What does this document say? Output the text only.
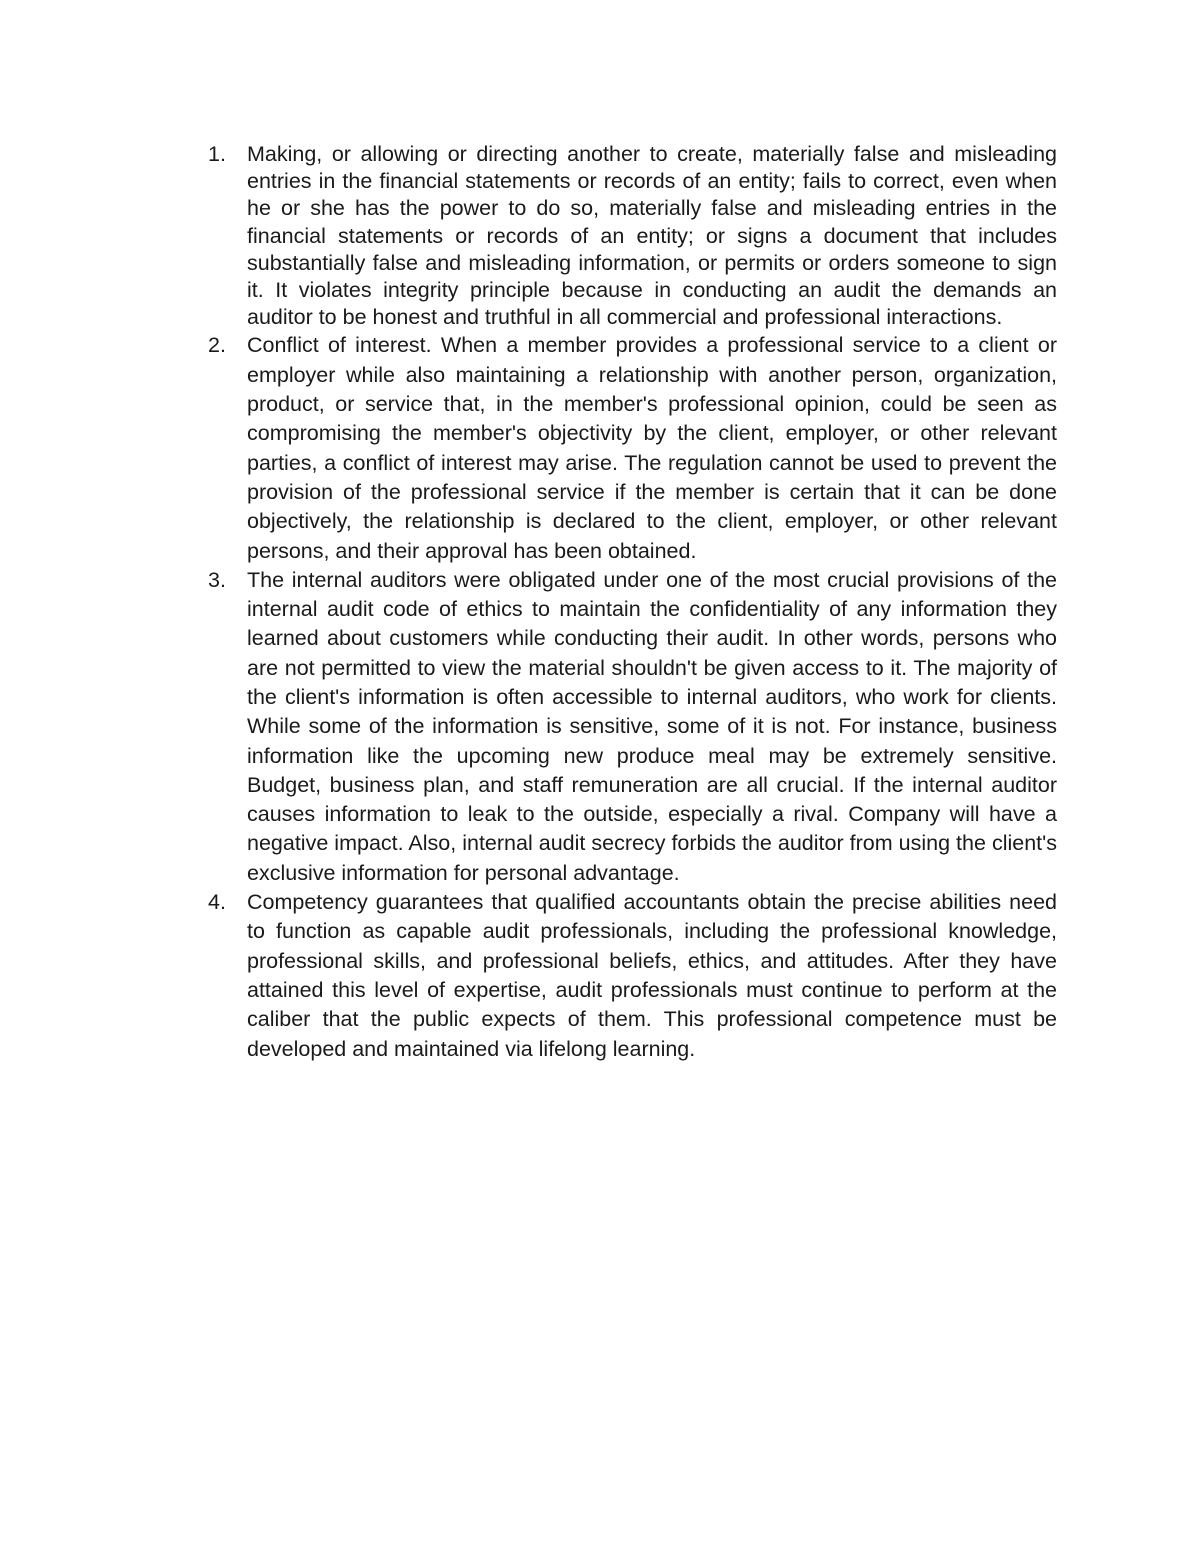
1. Making, or allowing or directing another to create, materially false and misleading entries in the financial statements or records of an entity; fails to correct, even when he or she has the power to do so, materially false and misleading entries in the financial statements or records of an entity; or signs a document that includes substantially false and misleading information, or permits or orders someone to sign it. It violates integrity principle because in conducting an audit the demands an auditor to be honest and truthful in all commercial and professional interactions.
2. Conflict of interest. When a member provides a professional service to a client or employer while also maintaining a relationship with another person, organization, product, or service that, in the member's professional opinion, could be seen as compromising the member's objectivity by the client, employer, or other relevant parties, a conflict of interest may arise. The regulation cannot be used to prevent the provision of the professional service if the member is certain that it can be done objectively, the relationship is declared to the client, employer, or other relevant persons, and their approval has been obtained.
3. The internal auditors were obligated under one of the most crucial provisions of the internal audit code of ethics to maintain the confidentiality of any information they learned about customers while conducting their audit. In other words, persons who are not permitted to view the material shouldn't be given access to it. The majority of the client's information is often accessible to internal auditors, who work for clients. While some of the information is sensitive, some of it is not. For instance, business information like the upcoming new produce meal may be extremely sensitive. Budget, business plan, and staff remuneration are all crucial. If the internal auditor causes information to leak to the outside, especially a rival. Company will have a negative impact. Also, internal audit secrecy forbids the auditor from using the client's exclusive information for personal advantage.
4. Competency guarantees that qualified accountants obtain the precise abilities need to function as capable audit professionals, including the professional knowledge, professional skills, and professional beliefs, ethics, and attitudes. After they have attained this level of expertise, audit professionals must continue to perform at the caliber that the public expects of them. This professional competence must be developed and maintained via lifelong learning.
